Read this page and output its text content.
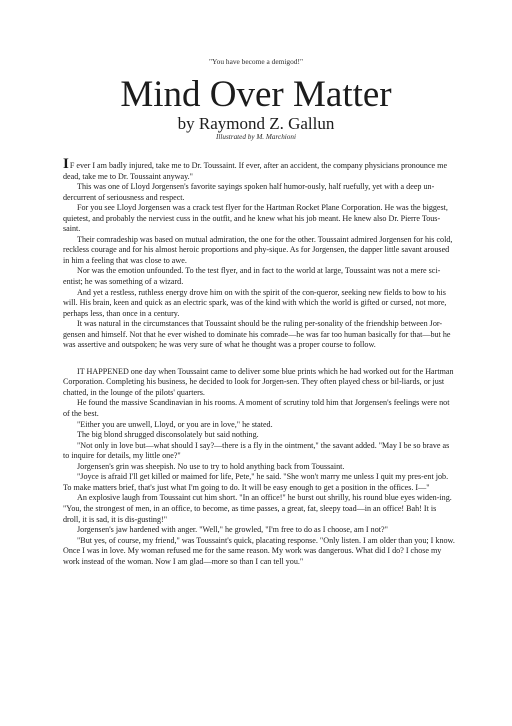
"You have become a demigod!"
Mind Over Matter
by Raymond Z. Gallun
Illustrated by M. Marchioni

IF ever I am badly injured, take me to Dr. Toussaint. If ever, after an accident, the company physicians pronounce me dead, take me to Dr. Toussaint anyway."

This was one of Lloyd Jorgensen's favorite sayings spoken half humor-ously, half ruefully, yet with a deep un-dercurrent of seriousness and respect.

For you see Lloyd Jorgensen was a crack test flyer for the Hartman Rocket Plane Corporation. He was the biggest, quietest, and probably the nerviest cuss in the outfit, and he knew what his job meant. He knew also Dr. Pierre Tous-saint.

Their comradeship was based on mutual admiration, the one for the other. Toussaint admired Jorgensen for his cold, reckless courage and for his almost heroic proportions and phy-sique. As for Jorgensen, the dapper little savant aroused in him a feeling that was close to awe.

Nor was the emotion unfounded. To the test flyer, and in fact to the world at large, Toussaint was not a mere sci-entist; he was something of a wizard.

And yet a restless, ruthless energy drove him on with the spirit of the con-queror, seeking new fields to bow to his will. His brain, keen and quick as an electric spark, was of the kind with which the world is gifted or cursed, not more, perhaps less, than once in a century.

It was natural in the circumstances that Toussaint should be the ruling per-sonality of the friendship between Jor-gensen and himself. Not that he ever wished to dominate his comrade—he was far too human basically for that—but he was assertive and outspoken; he was very sure of what he thought was a proper course to follow.

IT HAPPENED one day when Toussaint came to deliver some blue prints which he had worked out for the Hartman Corporation. Completing his business, he decided to look for Jorgen-sen. They often played chess or bil-liards, or just chatted, in the lounge of the pilots' quarters.

He found the massive Scandinavian in his rooms. A moment of scrutiny told him that Jorgensen's feelings were not of the best.

"Either you are unwell, Lloyd, or you are in love," he stated.

The big blond shrugged disconsolately but said nothing.

"Not only in love but—what should I say?—there is a fly in the ointment," the savant added. "May I be so brave as to inquire for details, my little one?"

Jorgensen's grin was sheepish. No use to try to hold anything back from Toussaint.

"Joyce is afraid I'll get killed or maimed for life, Pete," he said. "She won't marry me unless I quit my pres-ent job. To make matters brief, that's just what I'm going to do. It will be easy enough to get a position in the offices. I—"

An explosive laugh from Toussaint cut him short. "In an office!" he burst out shrilly, his round blue eyes widen-ing. "You, the strongest of men, in an office, to become, as time passes, a great, fat, sleepy toad—in an office! Bah! It is droll, it is sad, it is dis-gusting!"

Jorgensen's jaw hardened with anger. "Well," he growled, "I'm free to do as I choose, am I not?"

"But yes, of course, my friend," was Toussaint's quick, placating response. "Only listen. I am older than you; I know. Once I was in love. My woman refused me for the same reason. My work was dangerous. What did I do? I chose my work instead of the woman. Now I am glad—more so than I can tell you."
